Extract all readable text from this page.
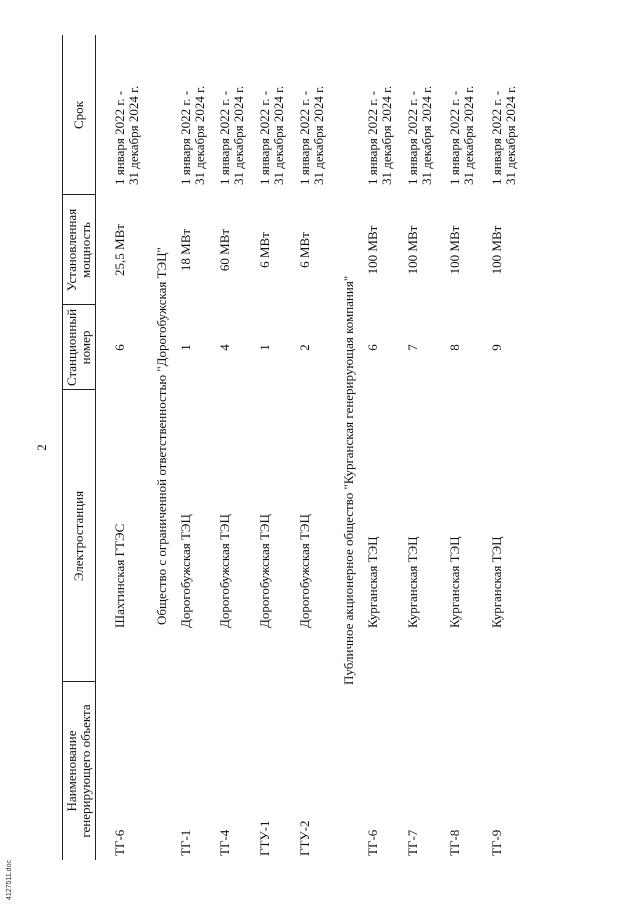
2
Наименование генерирующего объекта
Электростанция
Станционный номер
Установленная мощность
Срок
ТГ-6
Шахтинская ГТЭС
6
25,5 МВт
1 января 2022 г. - 31 декабря 2024 г.
Общество с ограниченной ответственностью "Дорогобужская ТЭЦ"
ТГ-1
Дорогобужская ТЭЦ
1
18 МВт
1 января 2022 г. - 31 декабря 2024 г.
ТГ-4
Дорогобужская ТЭЦ
4
60 МВт
1 января 2022 г. - 31 декабря 2024 г.
ГТУ-1
Дорогобужская ТЭЦ
1
6 МВт
1 января 2022 г. - 31 декабря 2024 г.
ГТУ-2
Дорогобужская ТЭЦ
2
6 МВт
1 января 2022 г. - 31 декабря 2024 г.
Публичное акционерное общество "Курганская генерирующая компания"
ТГ-6
Курганская ТЭЦ
6
100 МВт
1 января 2022 г. - 31 декабря 2024 г.
ТГ-7
Курганская ТЭЦ
7
100 МВт
1 января 2022 г. - 31 декабря 2024 г.
ТГ-8
Курганская ТЭЦ
8
100 МВт
1 января 2022 г. - 31 декабря 2024 г.
ТГ-9
Курганская ТЭЦ
9
100 МВт
1 января 2022 г. - 31 декабря 2024 г.
4127511.doc
